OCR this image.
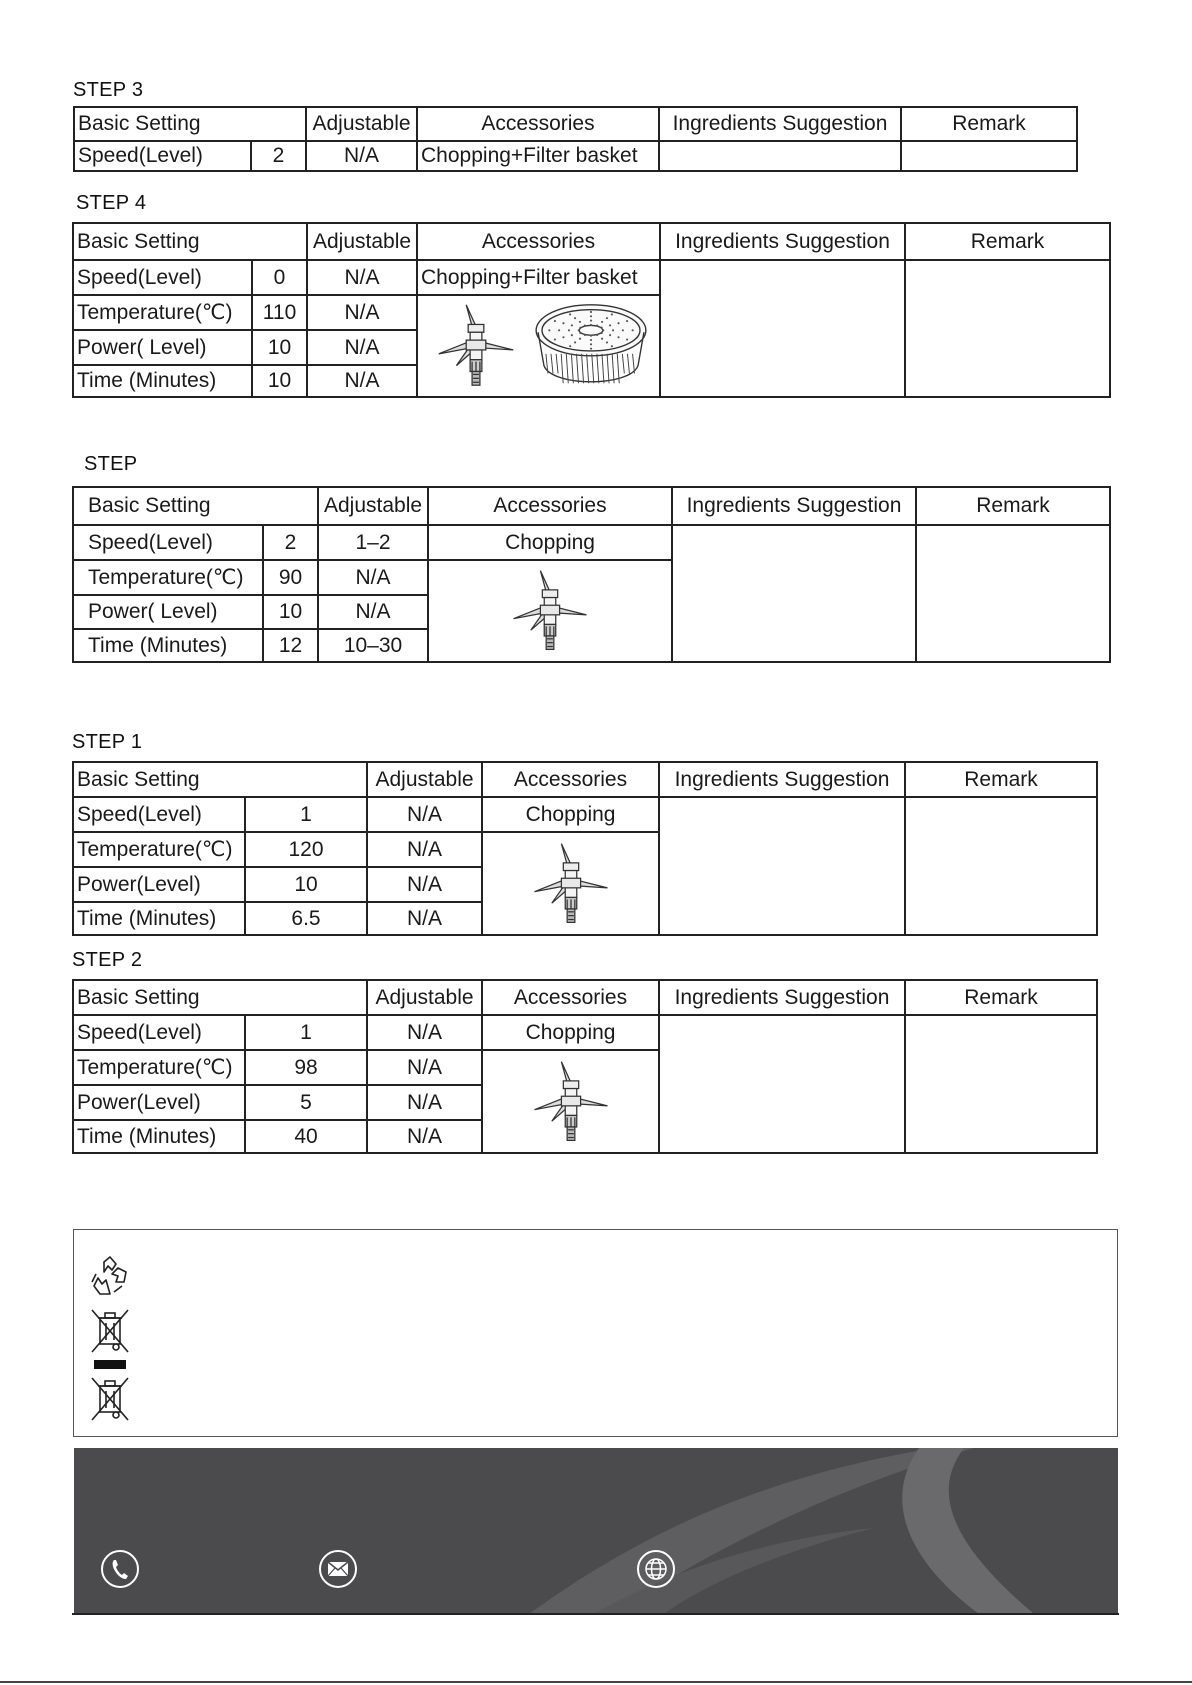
STEP 3
STEP 4
STEP
STEP 1
STEP 2
Basic Setting		Adjustable	Accessories	Ingredients Suggestion	Remark
Speed(Level)	2	N/A	Chopping+Filter basket		
Basic Setting		Adjustable	Accessories	Ingredients Suggestion	Remark
Speed(Level)	0	N/A	Chopping+Filter basket		
Temperature(℃)	110	N/A	
Power( Level)	10	N/A			
Time (Minutes)	10	N/A			
Basic Setting		Adjustable	Accessories	Ingredients Suggestion	Remark
Speed(Level)	2	1–2	Chopping		
Temperature(℃)	90	N/A	
Power( Level)	10	N/A			
Time (Minutes)	12	10–30			
Basic Setting		Adjustable	Accessories	Ingredients Suggestion	Remark
Speed(Level)	1	N/A	Chopping		
Temperature(℃)	120	N/A	
Power(Level)	10	N/A			
Time (Minutes)	6.5	N/A			
Basic Setting		Adjustable	Accessories	Ingredients Suggestion	Remark
Speed(Level)	1	N/A	Chopping		
Temperature(℃)	98	N/A	
Power(Level)	5	N/A			
Time (Minutes)	40	N/A			
